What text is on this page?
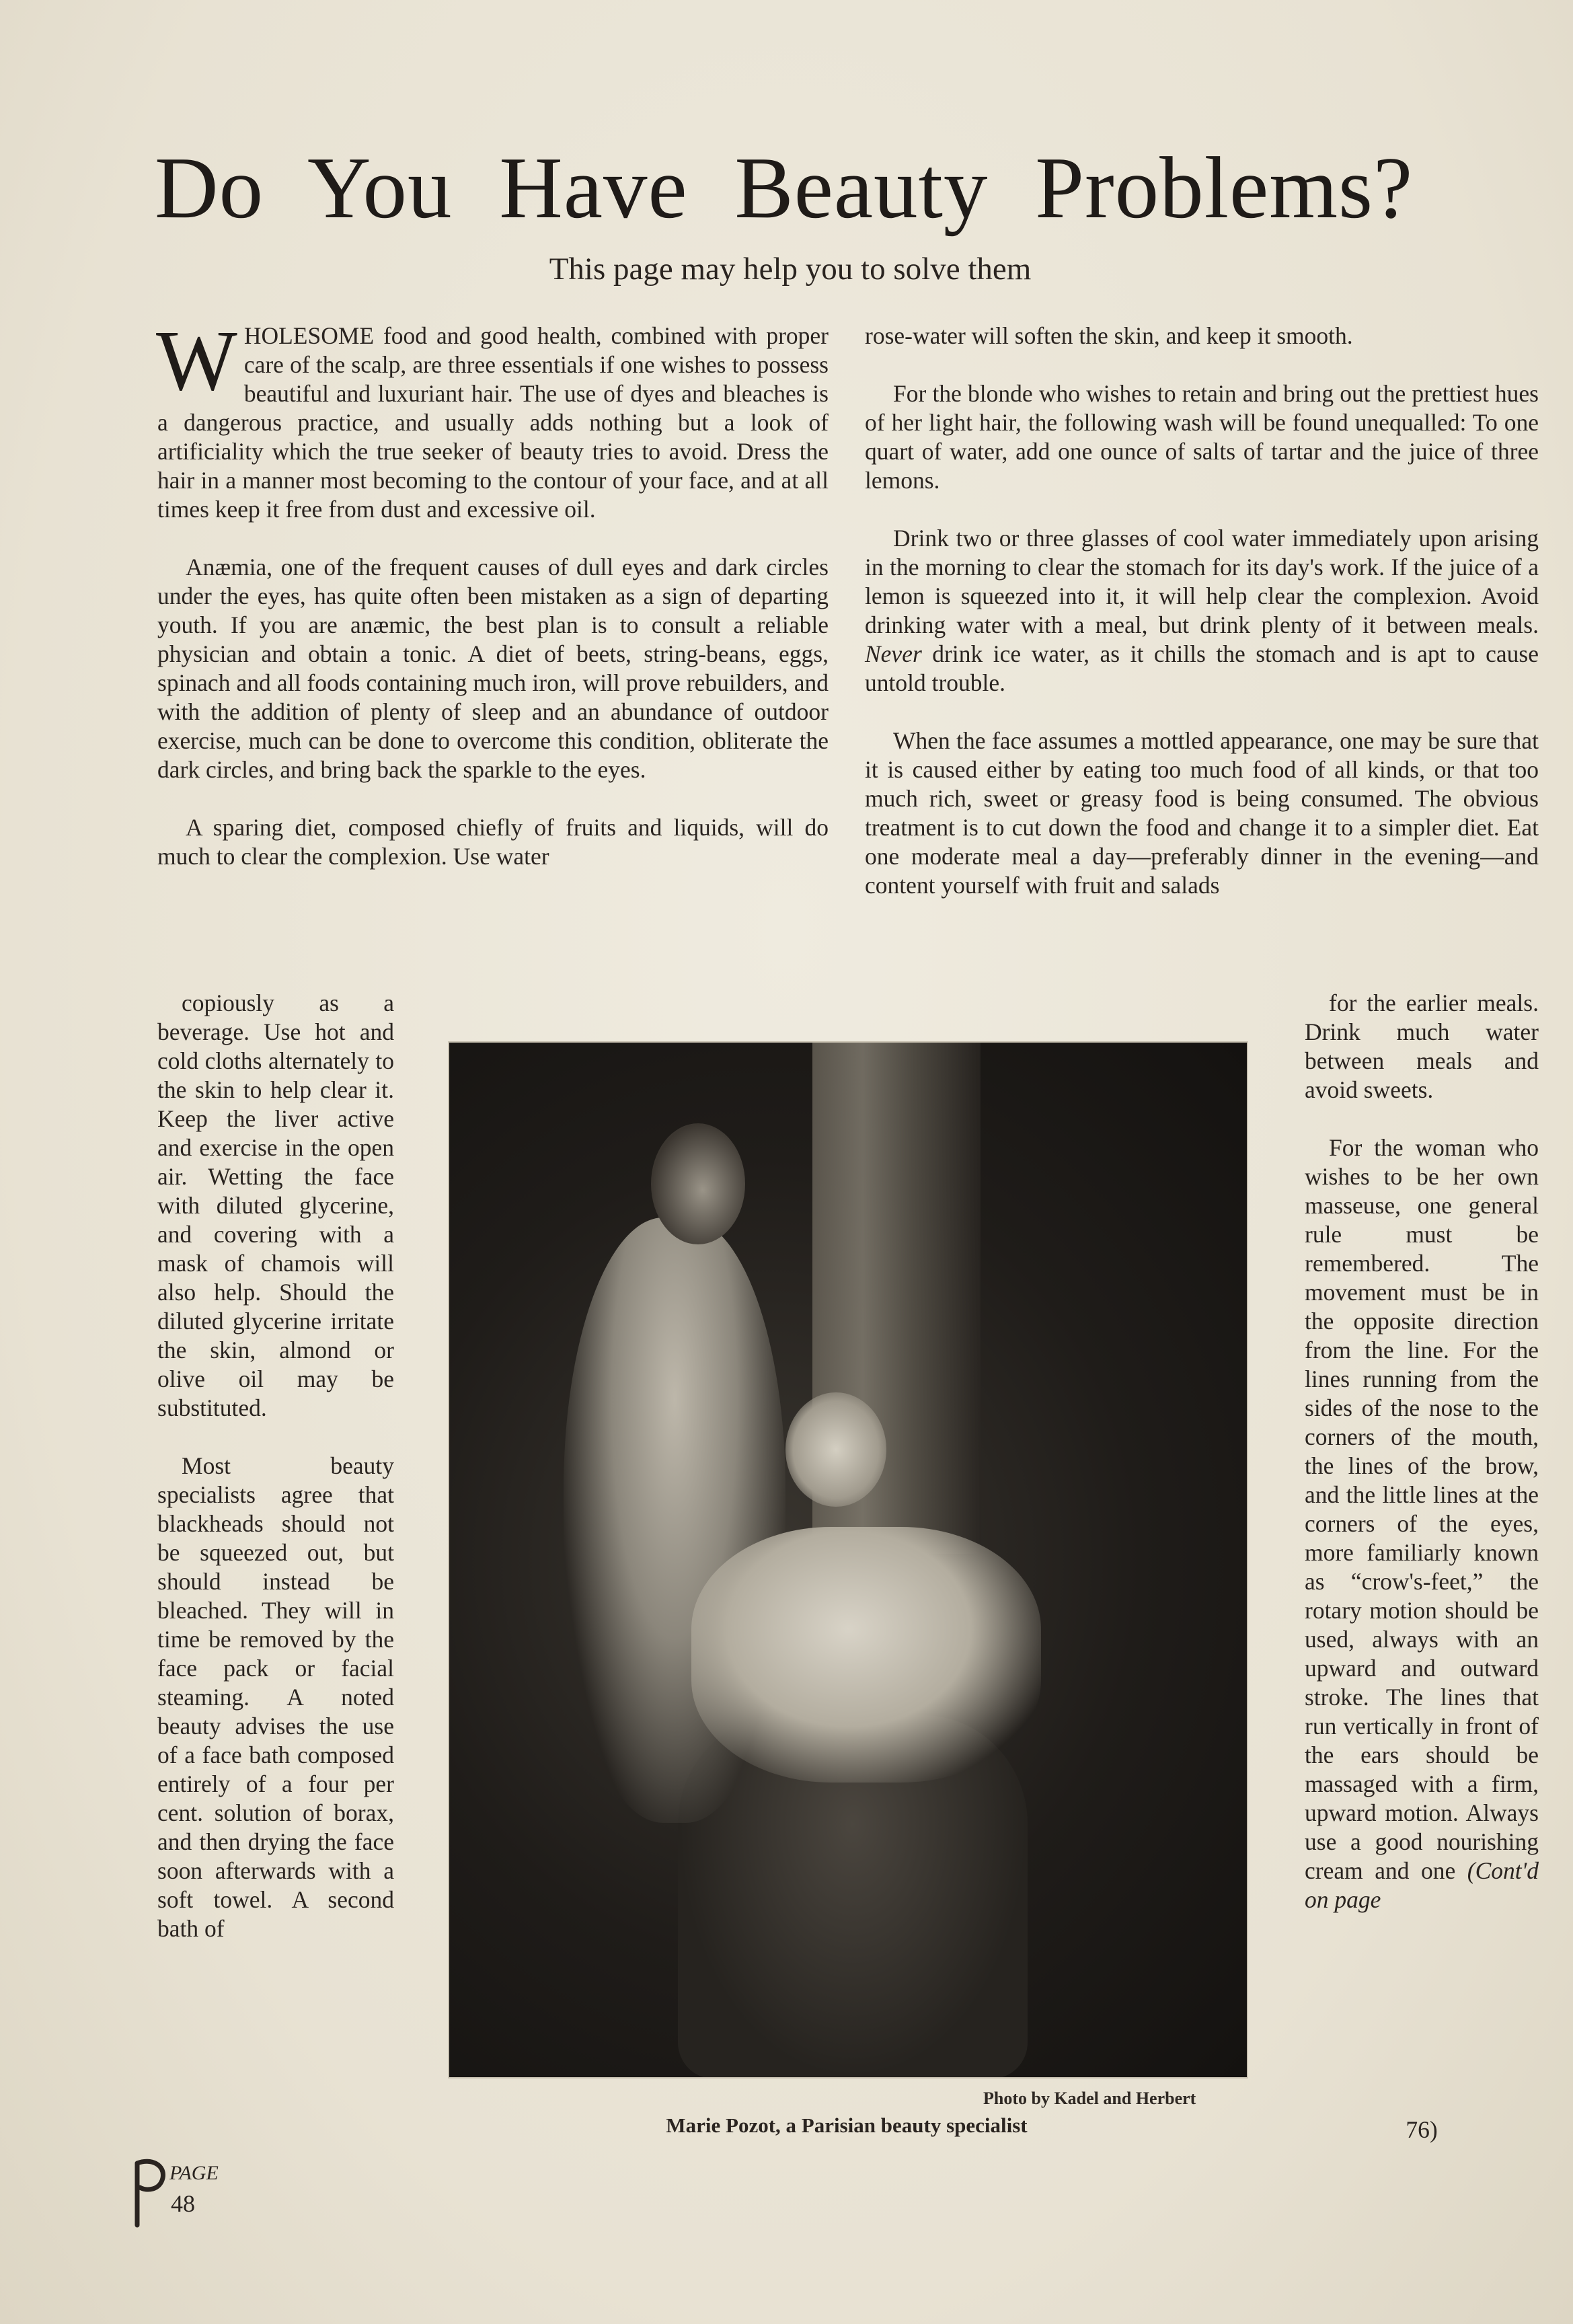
Do You Have Beauty Problems?

This page may help you to solve them

WHOLESOME food and good health, combined with proper care of the scalp, are three essentials if one wishes to possess beautiful and luxuriant hair. The use of dyes and bleaches is a dangerous practice, and usually adds nothing but a look of artificiality which the true seeker of beauty tries to avoid. Dress the hair in a manner most becoming to the contour of your face, and at all times keep it free from dust and excessive oil.

Anæmia, one of the frequent causes of dull eyes and dark circles under the eyes, has quite often been mistaken as a sign of departing youth. If you are anæmic, the best plan is to consult a reliable physician and obtain a tonic. A diet of beets, string-beans, eggs, spinach and all foods containing much iron, will prove rebuilders, and with the addition of plenty of sleep and an abundance of outdoor exercise, much can be done to overcome this condition, obliterate the dark circles, and bring back the sparkle to the eyes.

A sparing diet, composed chiefly of fruits and liquids, will do much to clear the complexion. Use water

rose-water will soften the skin, and keep it smooth.

For the blonde who wishes to retain and bring out the prettiest hues of her light hair, the following wash will be found unequalled: To one quart of water, add one ounce of salts of tartar and the juice of three lemons.

Drink two or three glasses of cool water immediately upon arising in the morning to clear the stomach for its day's work. If the juice of a lemon is squeezed into it, it will help clear the complexion. Avoid drinking water with a meal, but drink plenty of it between meals. Never drink ice water, as it chills the stomach and is apt to cause untold trouble.

When the face assumes a mottled appearance, one may be sure that it is caused either by eating too much food of all kinds, or that too much rich, sweet or greasy food is being consumed. The obvious treatment is to cut down the food and change it to a simpler diet. Eat one moderate meal a day—preferably dinner in the evening—and content yourself with fruit and salads

copiously as a beverage. Use hot and cold cloths alternately to the skin to help clear it. Keep the liver active and exercise in the open air. Wetting the face with diluted glycerine, and covering with a mask of chamois will also help. Should the diluted glycerine irritate the skin, almond or olive oil may be substituted.

Most beauty specialists agree that blackheads should not be squeezed out, but should instead be bleached. They will in time be removed by the face pack or facial steaming. A noted beauty advises the use of a face bath composed entirely of a four per cent. solution of borax, and then drying the face soon afterwards with a soft towel. A second bath of

for the earlier meals. Drink much water between meals and avoid sweets.

For the woman who wishes to be her own masseuse, one general rule must be remembered. The movement must be in the opposite direction from the line. For the lines running from the sides of the nose to the corners of the mouth, the lines of the brow, and the little lines at the corners of the eyes, more familiarly known as “crow's-feet,” the rotary motion should be used, always with an upward and outward stroke. The lines that run vertically in front of the ears should be massaged with a firm, upward motion. Always use a good nourishing cream and one (Cont'd on page

Photo by Kadel and Herbert
Marie Pozot, a Parisian beauty specialist	76)
PAGE
48
